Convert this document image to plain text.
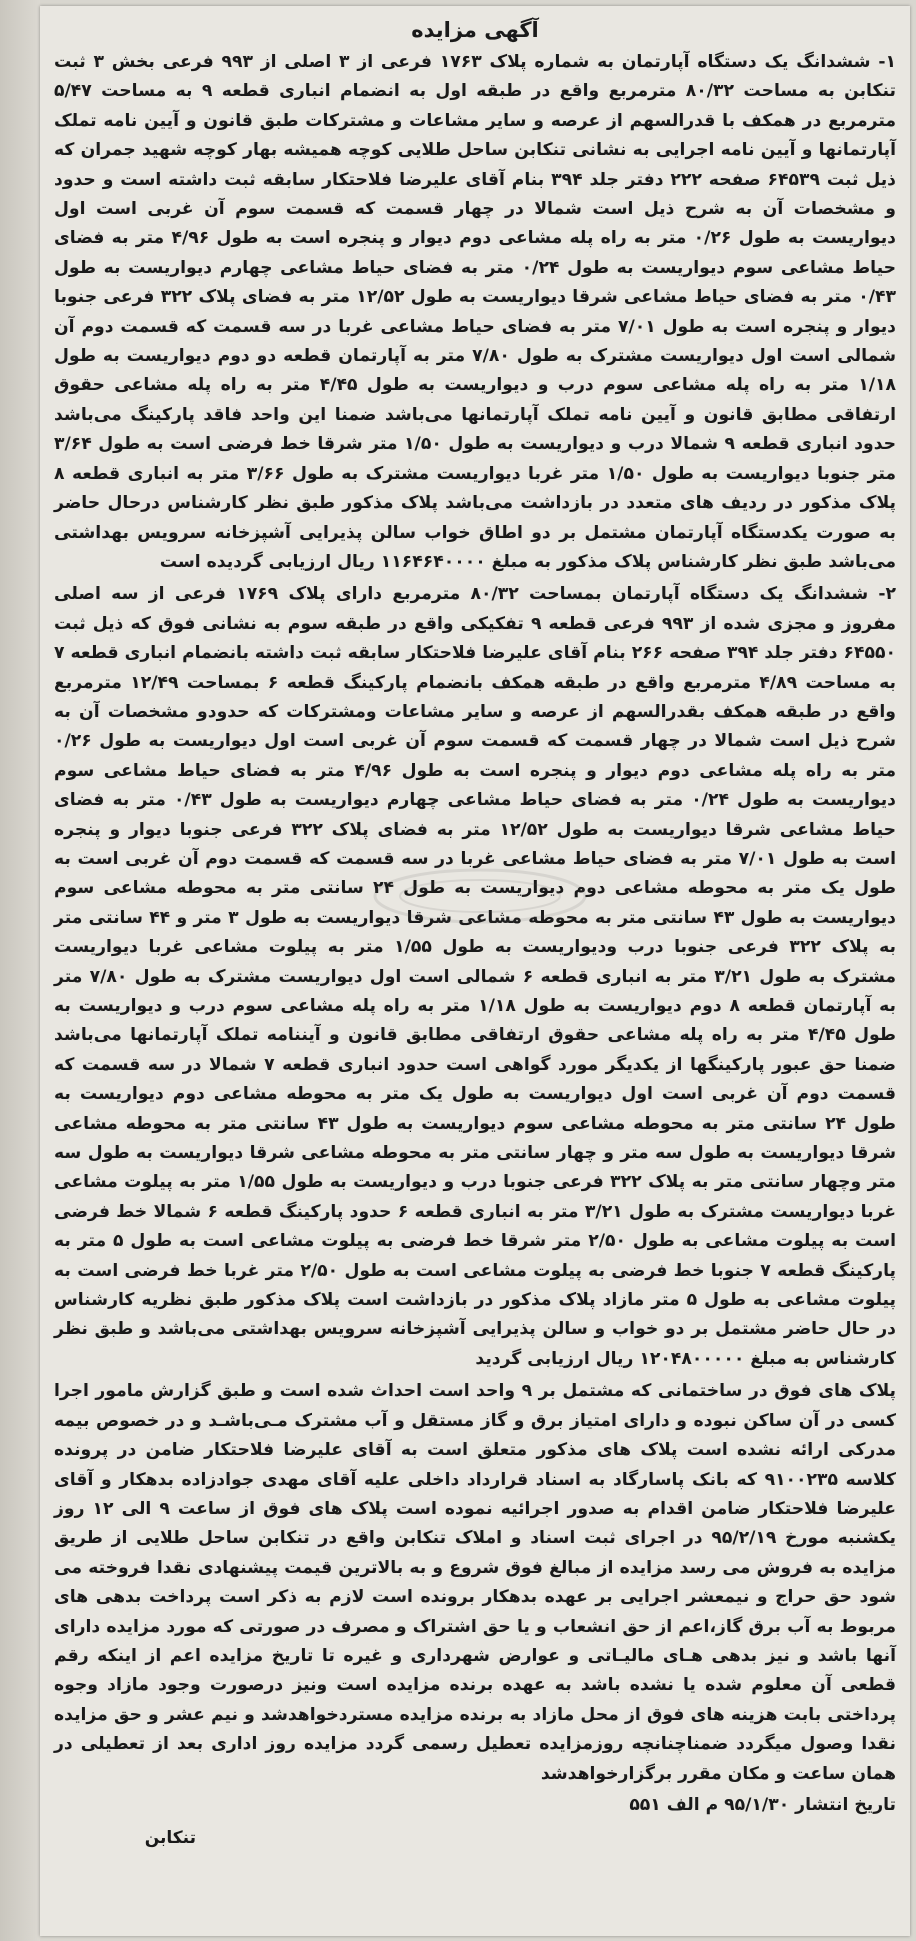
آگهی مزایده

۱- ششدانگ یک دستگاه آپارتمان به شماره پلاک ۱۷۶۳ فرعی از ۳ اصلی از ۹۹۳ فرعی بخش ۳ ثبت تنکابن به مساحت ۸۰/۳۲ مترمربع واقع در طبقه اول به انضمام انباری قطعه ۹ به مساحت ۵/۴۷ مترمربع در همکف با قدرالسهم از عرصه و سایر مشاعات و مشترکات طبق قانون و آیین نامه تملک آپارتمانها و آیین نامه اجرایی به نشانی تنکابن ساحل طلایی کوچه همیشه بهار کوچه شهید جمران که ذیل ثبت ۶۴۵۳۹ صفحه ۲۲۲ دفتر جلد ۳۹۴ بنام آقای علیرضا فلاحتکار سابقه ثبت داشته است و حدود و مشخصات آن به شرح ذیل است شمالا در چهار قسمت که قسمت سوم آن غربی است اول دیواریست به طول ۰/۲۶ متر به راه پله مشاعی دوم دیوار و پنجره است به طول ۴/۹۶ متر به فضای حیاط مشاعی سوم دیواریست به طول ۰/۲۴ متر به فضای حیاط مشاعی چهارم دیواریست به طول ۰/۴۳ متر به فضای حیاط مشاعی شرقا دیواریست به طول ۱۲/۵۲ متر به فضای پلاک ۳۲۲ فرعی جنوبا دیوار و پنجره است به طول ۷/۰۱ متر به فضای حیاط مشاعی غربا در سه قسمت که قسمت دوم آن شمالی است اول دیواریست مشترک به طول ۷/۸۰ متر به آپارتمان قطعه دو دوم دیواریست به طول ۱/۱۸ متر به راه پله مشاعی سوم درب و دیواریست به طول ۴/۴۵ متر به راه پله مشاعی حقوق ارتفاقی مطابق قانون و آیین نامه تملک آپارتمانها می‌باشد ضمنا این واحد فاقد پارکینگ می‌باشد حدود انباری قطعه ۹ شمالا درب و دیواریست به طول ۱/۵۰ متر شرقا خط فرضی است به طول ۳/۶۴ متر جنوبا دیواریست به طول ۱/۵۰ متر غربا دیواریست مشترک به طول ۳/۶۶ متر به انباری قطعه ۸ پلاک مذکور در ردیف های متعدد در بازداشت می‌باشد پلاک مذکور طبق نظر کارشناس درحال حاضر به صورت یکدستگاه آپارتمان مشتمل بر دو اطاق خواب سالن پذیرایی آشپزخانه سرویس بهداشتی می‌باشد طبق نظر کارشناس پلاک مذکور به مبلغ ۱۱۶۴۶۴۰۰۰۰ ریال ارزیابی گردیده است

۲- ششدانگ یک دستگاه آپارتمان بمساحت ۸۰/۳۲ مترمربع دارای پلاک ۱۷۶۹ فرعی از سه اصلی مفروز و مجزی شده از ۹۹۳ فرعی قطعه ۹ تفکیکی واقع در طبقه سوم به نشانی فوق که ذیل ثبت ۶۴۵۵۰ دفتر جلد ۳۹۴ صفحه ۲۶۶ بنام آقای علیرضا فلاحتکار سابقه ثبت داشته بانضمام انباری قطعه ۷ به مساحت ۴/۸۹ مترمربع واقع در طبقه همکف بانضمام پارکینگ قطعه ۶ بمساحت ۱۲/۴۹ مترمربع واقع در طبقه همکف بقدرالسهم از عرصه و سایر مشاعات ومشترکات که حدودو مشخصات آن به شرح ذیل است شمالا در چهار قسمت که قسمت سوم آن غربی است اول دیواریست به طول ۰/۲۶ متر به راه پله مشاعی دوم دیوار و پنجره است به طول ۴/۹۶ متر به فضای حیاط مشاعی سوم دیواریست به طول ۰/۲۴ متر به فضای حیاط مشاعی چهارم دیواریست به طول ۰/۴۳ متر به فضای حیاط مشاعی شرقا دیواریست به طول ۱۲/۵۲ متر به فضای پلاک ۳۲۲ فرعی جنوبا دیوار و پنجره است به طول ۷/۰۱ متر به فضای حیاط مشاعی غربا در سه قسمت که قسمت دوم آن غربی است به طول یک متر به محوطه مشاعی دوم دیواریست به طول ۲۴ سانتی متر به محوطه مشاعی سوم دیواریست به طول ۴۳ سانتی متر به محوطه مشاعی شرقا دیواریست به طول ۳ متر و ۴۴ سانتی متر به پلاک ۳۲۲ فرعی جنوبا درب ودیواریست به طول ۱/۵۵ متر به پیلوت مشاعی غربا دیواریست مشترک به طول ۳/۲۱ متر به انباری قطعه ۶ شمالی است اول دیواریست مشترک به طول ۷/۸۰ متر به آپارتمان قطعه ۸ دوم دیواریست به طول ۱/۱۸ متر به راه پله مشاعی سوم درب و دیواریست به طول ۴/۴۵ متر به راه پله مشاعی حقوق ارتفاقی مطابق قانون و آیننامه تملک آپارتمانها می‌باشد ضمنا حق عبور پارکینگها از یکدیگر مورد گواهی است حدود انباری قطعه ۷ شمالا در سه قسمت که قسمت دوم آن غربی است اول دیواریست به طول یک متر به محوطه مشاعی دوم دیواریست به طول ۲۴ سانتی متر به محوطه مشاعی سوم دیواریست به طول ۴۳ سانتی متر به محوطه مشاعی شرقا دیواریست به طول سه متر و چهار سانتی متر به محوطه مشاعی شرقا دیواریست به طول سه متر وچهار سانتی متر به پلاک ۳۲۲ فرعی جنوبا درب و دیواریست به طول ۱/۵۵ متر به پیلوت مشاعی غربا دیواریست مشترک به طول ۳/۲۱ متر به انباری قطعه ۶ حدود پارکینگ قطعه ۶ شمالا خط فرضی است به پیلوت مشاعی به طول ۲/۵۰ متر شرقا خط فرضی به پیلوت مشاعی است به طول ۵ متر به پارکینگ قطعه ۷ جنوبا خط فرضی به پیلوت مشاعی است به طول ۲/۵۰ متر غربا خط فرضی است به پیلوت مشاعی به طول ۵ متر مازاد پلاک مذکور در بازداشت است پلاک مذکور طبق نظریه کارشناس در حال حاضر مشتمل بر دو خواب و سالن پذیرایی آشپزخانه سرویس بهداشتی می‌باشد و طبق نظر کارشناس به مبلغ ۱۲۰۴۸۰۰۰۰۰ ریال ارزیابی گردید

پلاک های فوق در ساختمانی که مشتمل بر ۹ واحد است احداث شده است و طبق گزارش مامور اجرا کسی در آن ساکن نبوده و دارای امتیاز برق و گاز مستقل و آب مشترک مـی‌باشـد و در خصوص بیمه مدرکی ارائه نشده است پلاک های مذکور متعلق است به آقای علیرضا فلاحتکار ضامن در پرونده کلاسه ۹۱۰۰۲۳۵ که بانک پاسارگاد به اسناد قرارداد داخلی علیه آقای مهدی جوادزاده بدهکار و آقای علیرضا فلاحتکار ضامن اقدام به صدور اجرائیه نموده است پلاک های فوق از ساعت ۹ الی ۱۲ روز یکشنبه مورخ ۹۵/۲/۱۹ در اجرای ثبت اسناد و املاک تنکابن واقع در تنکابن ساحل طلایی از طریق مزایده به فروش می رسد مزایده از مبالغ فوق شروع و به بالاترین قیمت پیشنهادی نقدا فروخته می شود حق حراج و نیمعشر اجرایی بر عهده بدهکار برونده است لازم به ذکر است پرداخت بدهی های مربوط به آب برق گاز،اعم از حق انشعاب و یا حق اشتراک و مصرف در صورتی که مورد مزایده دارای آنها باشد و نیز بدهی هـای مالیـاتی و عوارض شهرداری و غیره تا تاریخ مزایده اعم از اینکه رقم قطعی آن معلوم شده یا نشده باشد به عهده برنده مزایده است ونیز درصورت وجود مازاد وجوه پرداختی بابت هزینه های فوق از محل مازاد به برنده مزایده مستردخواهدشد و نیم عشر و حق مزایده نقدا وصول میگردد ضمناچنانچه روزمزایده تعطیل رسمی گردد مزایده روز اداری بعد از تعطیلی در همان ساعت و مکان مقرر برگزارخواهدشد

تاریخ انتشار ۹۵/۱/۳۰ م الف ۵۵۱
تنکابن
